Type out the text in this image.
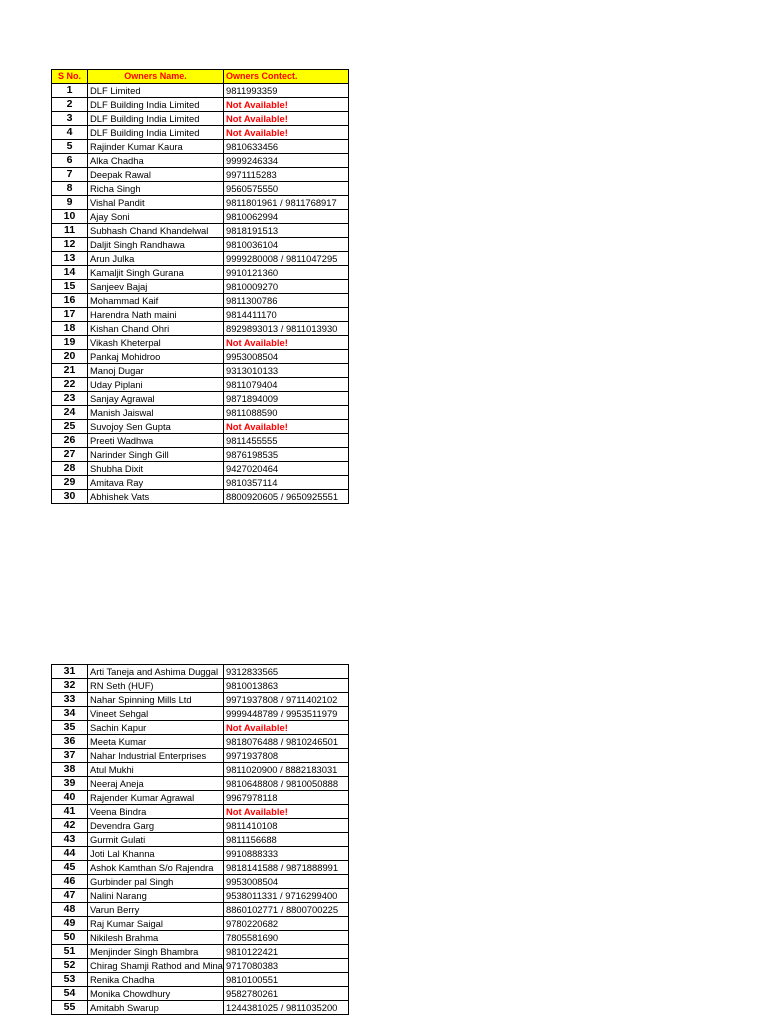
S No.	Owners Name.	Owners Contect.
1	DLF Limited	9811993359
2	DLF Building India Limited	Not Available!
3	DLF Building India Limited	Not Available!
4	DLF Building India Limited	Not Available!
5	Rajinder Kumar Kaura	9810633456
6	Alka Chadha	9999246334
7	Deepak Rawal	9971115283
8	Richa Singh	9560575550
9	Vishal Pandit	9811801961 / 9811768917
10	Ajay Soni	9810062994
11	Subhash Chand Khandelwal	9818191513
12	Daljit Singh Randhawa	9810036104
13	Arun Julka	9999280008 / 9811047295
14	Kamaljit Singh Gurana	9910121360
15	Sanjeev Bajaj	9810009270
16	Mohammad Kaif	9811300786
17	Harendra Nath maini	9814411170
18	Kishan Chand Ohri	8929893013 / 9811013930
19	Vikash Kheterpal	Not Available!
20	Pankaj Mohidroo	9953008504
21	Manoj Dugar	9313010133
22	Uday Piplani	9811079404
23	Sanjay Agrawal	9871894009
24	Manish Jaiswal	9811088590
25	Suvojoy Sen Gupta	Not Available!
26	Preeti Wadhwa	9811455555
27	Narinder Singh Gill	9876198535
28	Shubha Dixit	9427020464
29	Amitava Ray	9810357114
30	Abhishek Vats	8800920605 / 9650925551
31	Arti Taneja and Ashima Duggal	9312833565
32	RN Seth (HUF)	9810013863
33	Nahar Spinning Mills Ltd	9971937808 / 9711402102
34	Vineet Sehgal	9999448789 / 9953511979
35	Sachin Kapur	Not Available!
36	Meeta Kumar	9818076488 / 9810246501
37	Nahar Industrial Enterprises	9971937808
38	Atul Mukhi	9811020900 / 8882183031
39	Neeraj Aneja	9810648808 / 9810050888
40	Rajender Kumar Agrawal	9967978118
41	Veena Bindra	Not Available!
42	Devendra Garg	9811410108
43	Gurmit Gulati	9811156688
44	Joti Lal Khanna	9910888333
45	Ashok Kamthan S/o Rajendra	9818141588 / 9871888991
46	Gurbinder pal Singh	9953008504
47	Nalini Narang	9538011331 / 9716299400
48	Varun Berry	8860102771 / 8800700225
49	Raj Kumar Saigal	9780220682
50	Nikilesh Brahma	7805581690
51	Menjinder Singh Bhambra	9810122421
52	Chirag Shamji Rathod and Mina	9717080383
53	Renika Chadha	9810100551
54	Monika Chowdhury	9582780261
55	Amitabh Swarup	1244381025 / 9811035200
